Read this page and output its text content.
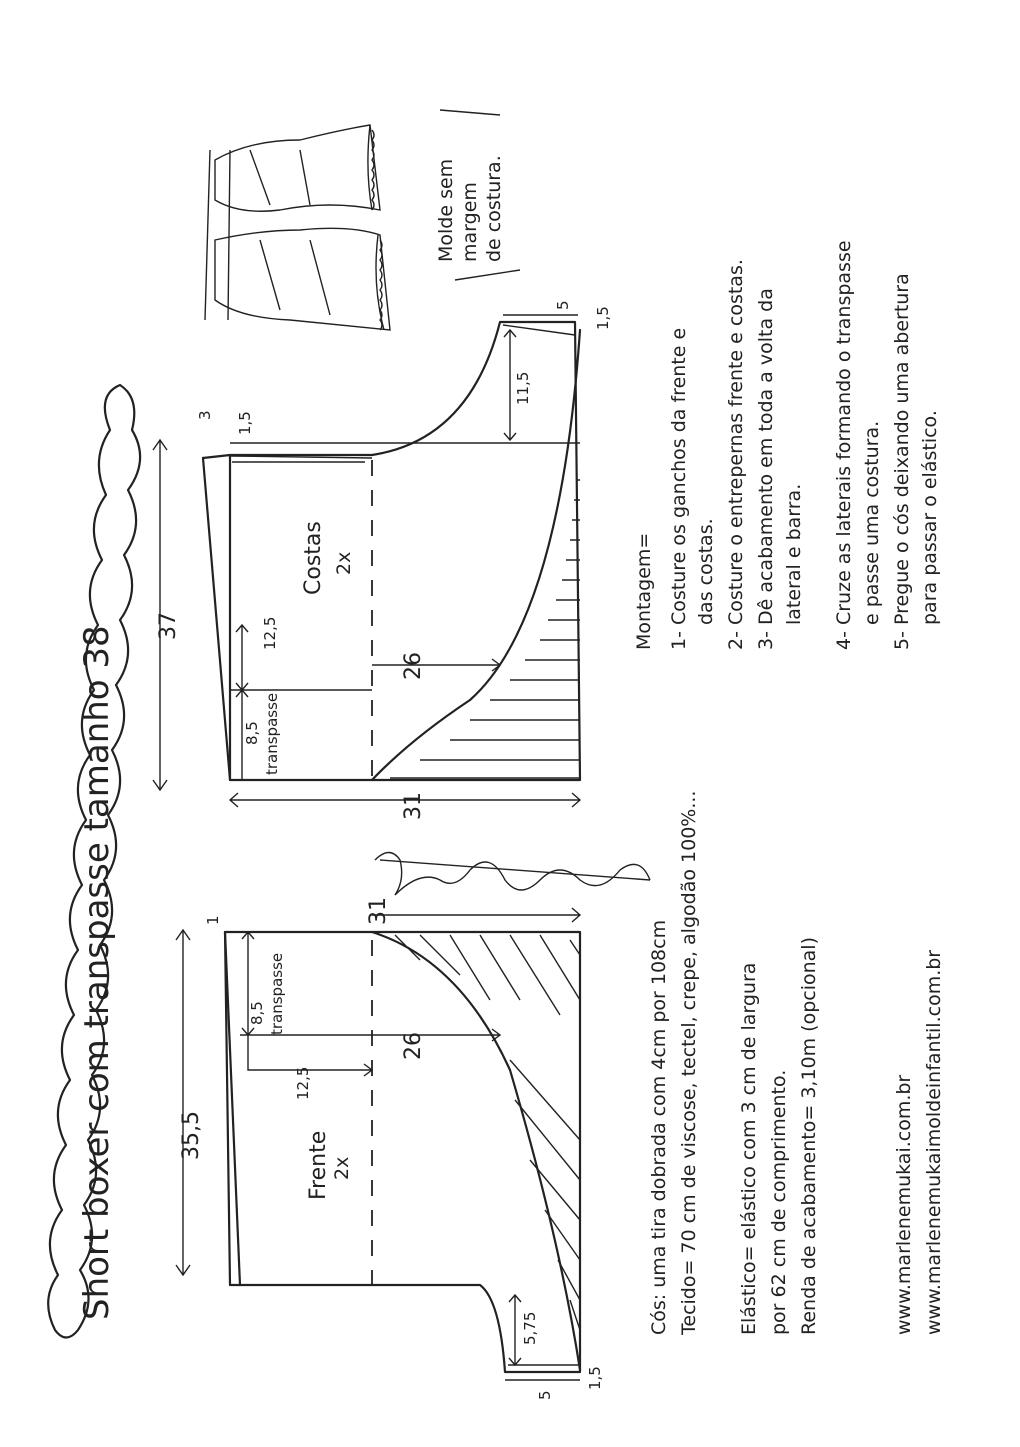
Short boxer com transpasse tamanho 38
Molde sem margem de costura.
Costas 2x
37
31
12,5
8,5 transpasse
26
11,5
3 1,5
5
1,5
Frente 2x
35,5
31
8,5 transpasse
12,5
26
5,75
1
1,5
5
Cós: uma tira dobrada com 4cm por 108cm Tecido= 70 cm de viscose, tectel, crepe, algodão 100%... Elástico= elástico com 3 cm de largura por 62 cm de comprimento. Renda de acabamento= 3,10m (opcional)
Montagem= 1- Costure os ganchos da frente e das costas. 2- Costure o entrepernas frente e costas. 3- Dê acabamento em toda a volta da lateral e barra. 4- Cruze as laterais formando o transpasse e passe uma costura. 5- Pregue o cós deixando uma abertura para passar o elástico.
www.marlenemukai.com.br www.marlenemukaimoldeinfantil.com.br
